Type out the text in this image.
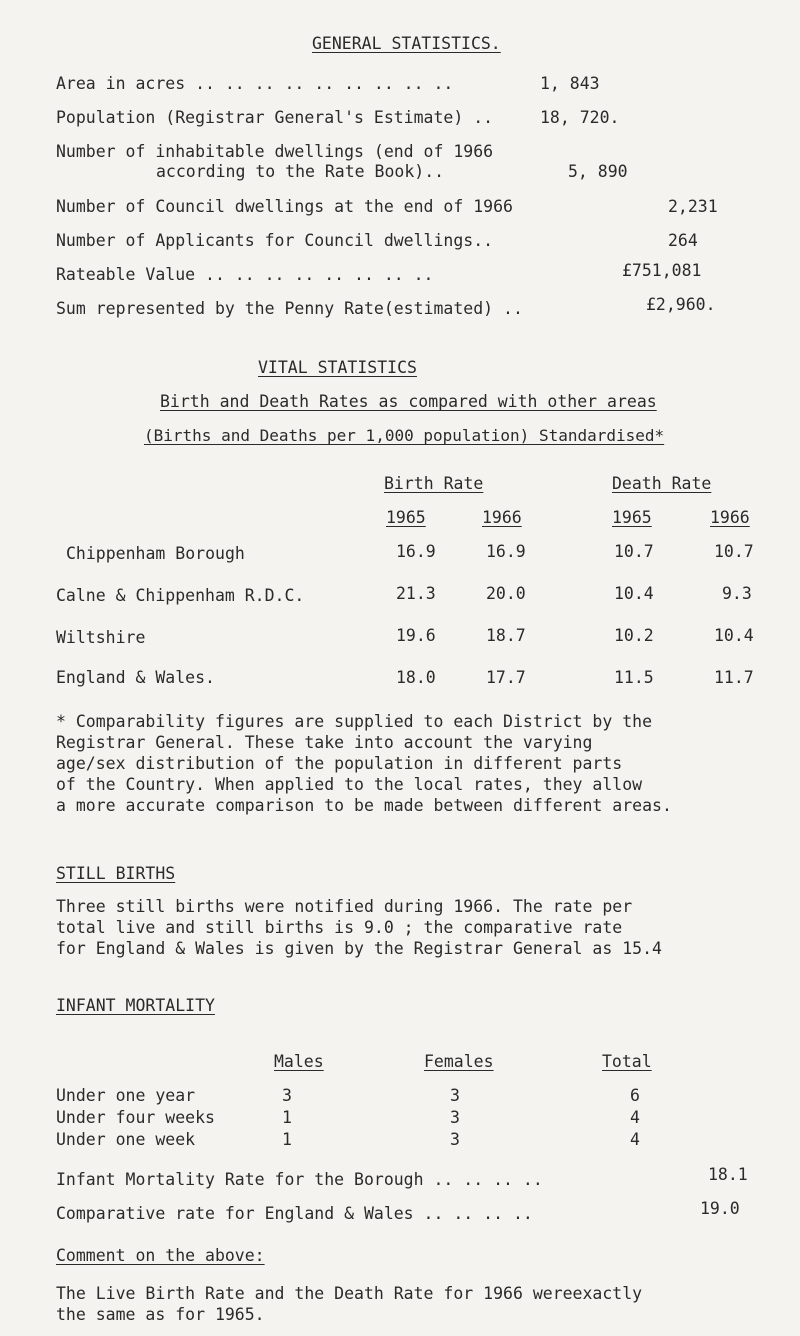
GENERAL STATISTICS.
Area in acres .. .. .. .. .. .. .. .. ..	1, 843
Population (Registrar General's Estimate) ..	18, 720.
Number of inhabitable dwellings (end of 1966
according to the Rate Book)..	5, 890
Number of Council dwellings at the end of 1966	2,231
Number of Applicants for Council dwellings..	264
Rateable Value .. .. .. .. .. .. .. ..	£751,081
Sum represented by the Penny Rate(estimated) ..	£2,960.
VITAL STATISTICS
Birth and Death Rates as compared with other areas
(Births and Deaths per 1,000 population) Standardised*
Birth Rate	Death Rate
1965	1966	1965	1966
Chippenham Borough	16.9	16.9	10.7	10.7
Calne & Chippenham R.D.C.	21.3	20.0	10.4	9.3
Wiltshire	19.6	18.7	10.2	10.4
England & Wales.	18.0	17.7	11.5	11.7
* Comparability figures are supplied to each District by the
Registrar General. These take into account the varying
age/sex distribution of the population in different parts
of the Country. When applied to the local rates, they allow
a more accurate comparison to be made between different areas.
STILL BIRTHS
Three still births were notified during 1966. The rate per
total live and still births is 9.0 ; the comparative rate
for England & Wales is given by the Registrar General as 15.4
INFANT MORTALITY
Males	Females	Total
Under one year	3	3	6
Under four weeks	1	3	4
Under one week	1	3	4
Infant Mortality Rate for the Borough .. .. .. ..	18.1
Comparative rate for England & Wales .. .. .. ..	19.0
Comment on the above:
The Live Birth Rate and the Death Rate for 1966 wereexactly
the same as for 1965.
